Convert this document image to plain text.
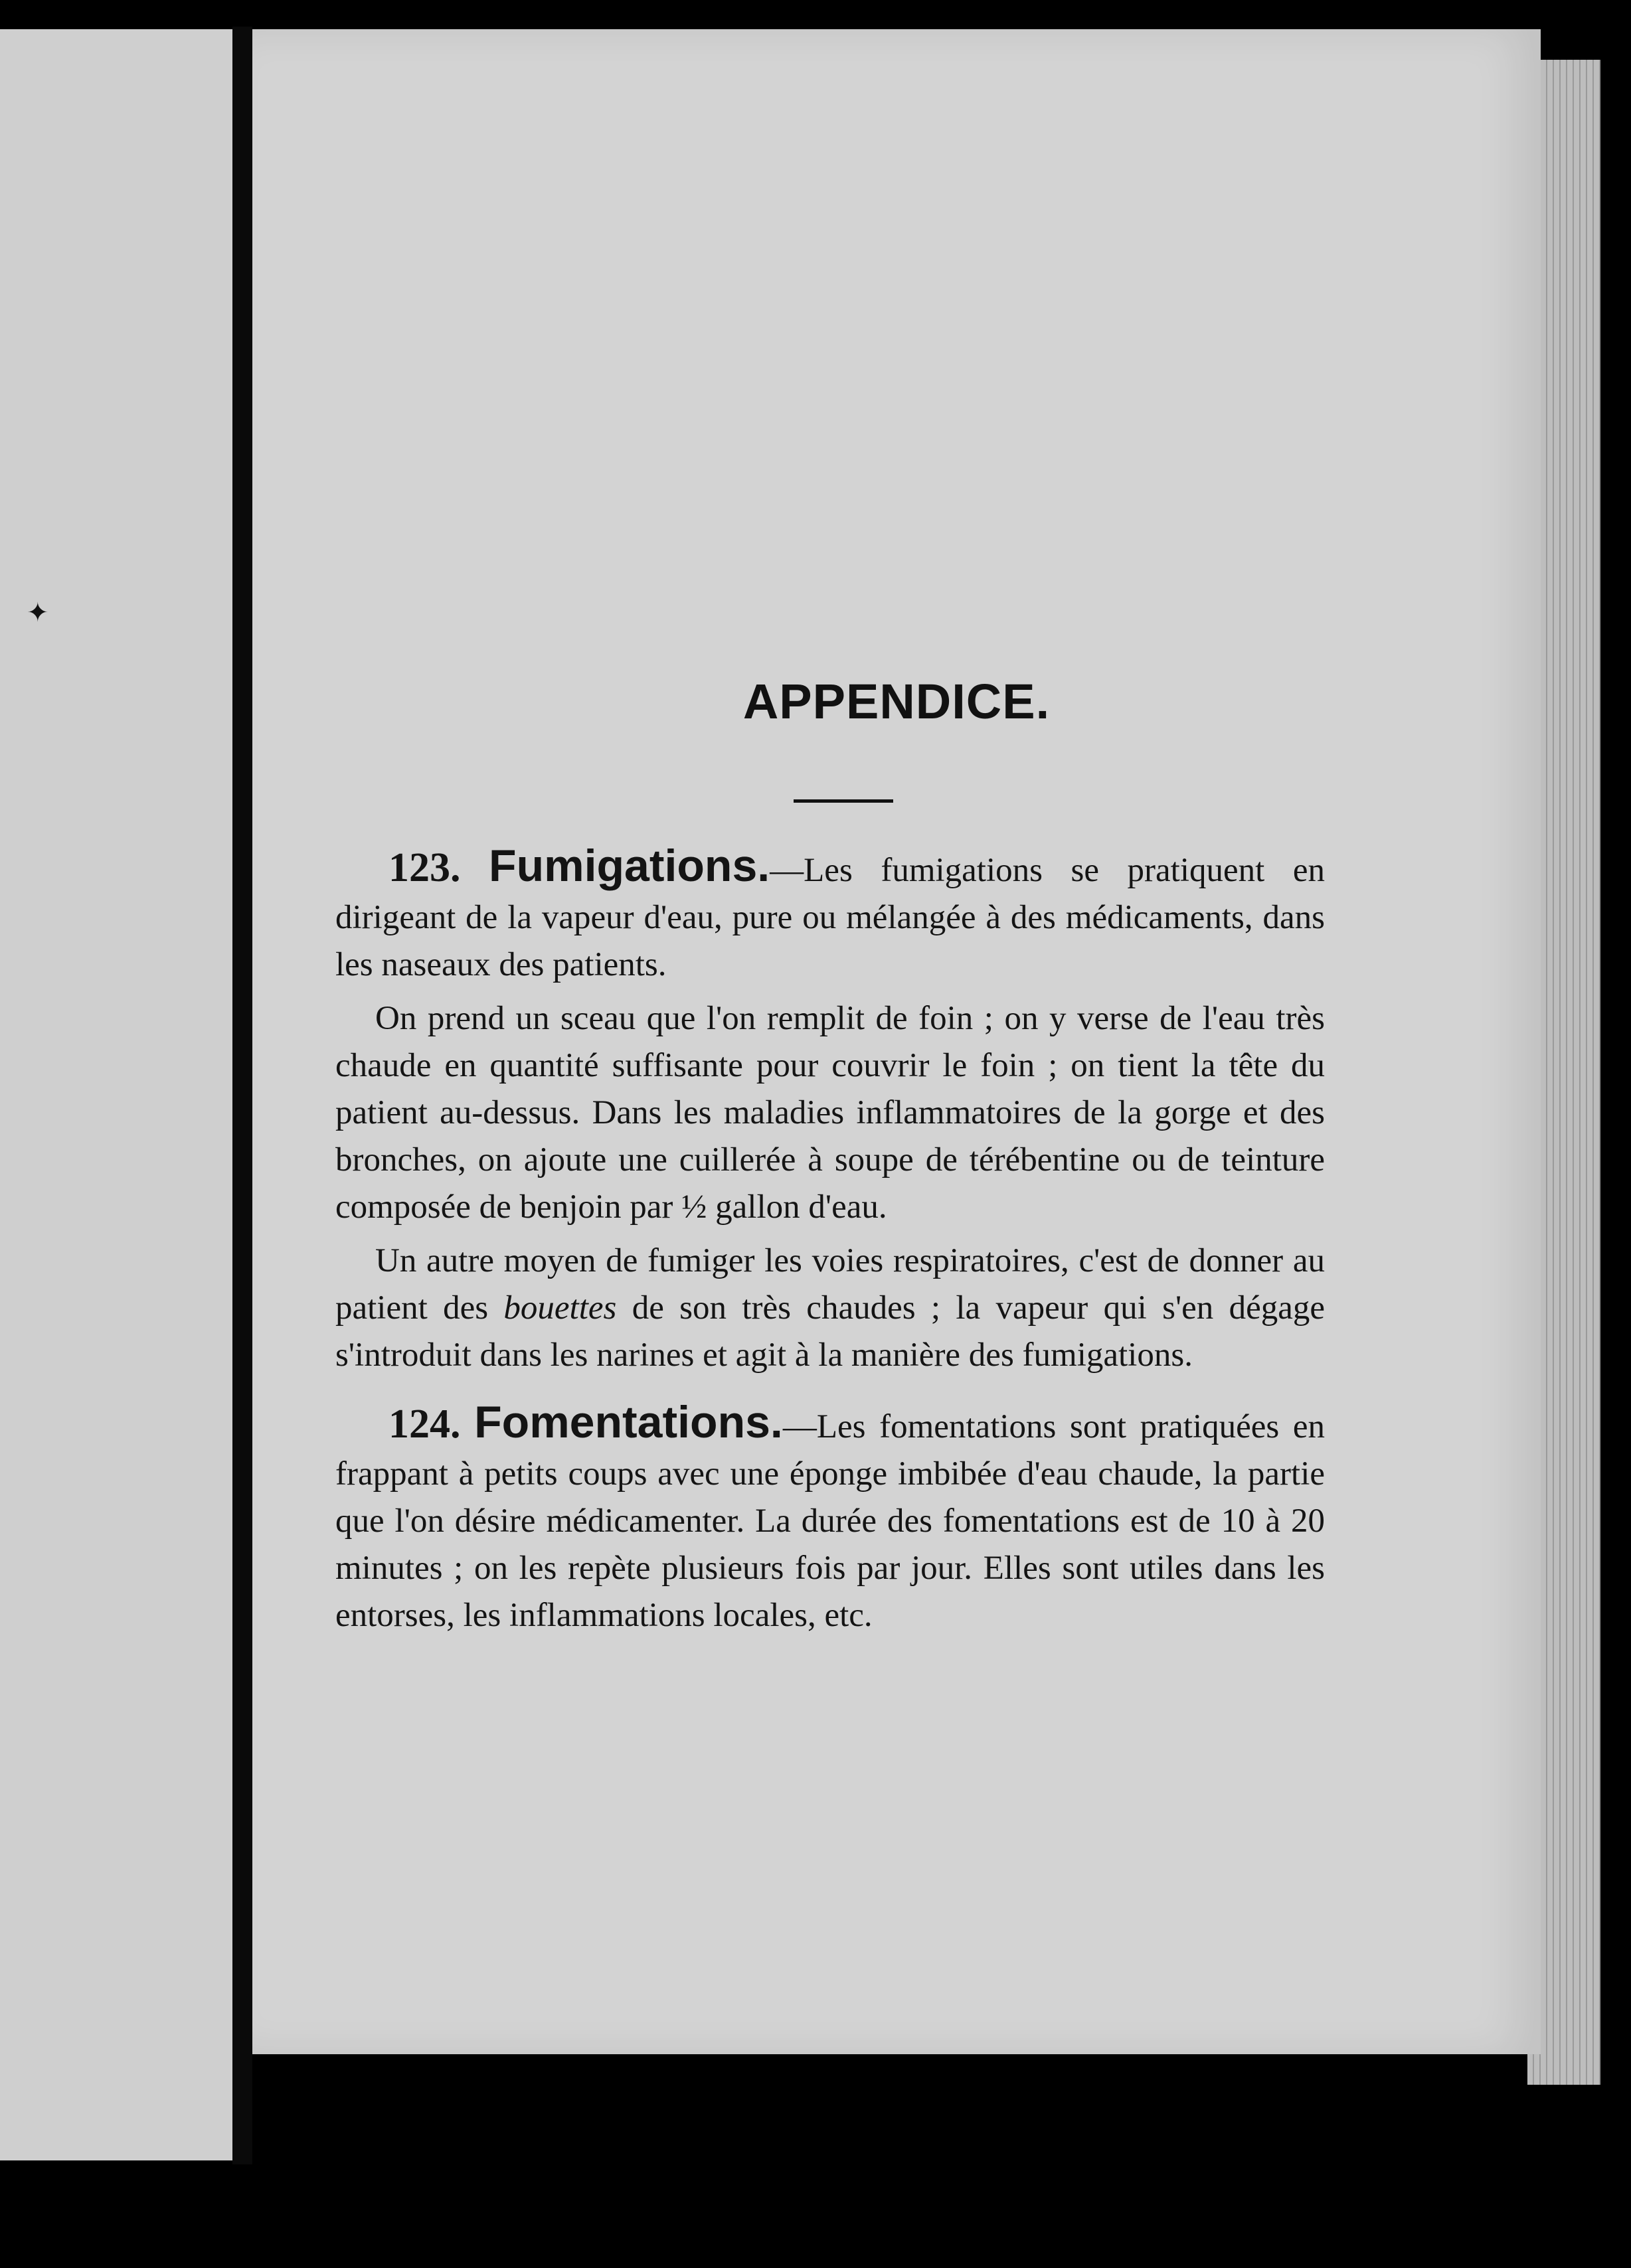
✦
APPENDICE.

123. Fumigations.—Les fumigations se pratiquent en dirigeant de la vapeur d'eau, pure ou mélangée à des médicaments, dans les naseaux des patients.

On prend un sceau que l'on remplit de foin ; on y verse de l'eau très chaude en quantité suffisante pour couvrir le foin ; on tient la tête du patient au-dessus. Dans les maladies inflammatoires de la gorge et des bronches, on ajoute une cuillerée à soupe de térébentine ou de teinture composée de benjoin par ½ gallon d'eau.

Un autre moyen de fumiger les voies respiratoires, c'est de donner au patient des bouettes de son très chaudes ; la vapeur qui s'en dégage s'introduit dans les narines et agit à la manière des fumigations.

124. Fomentations.—Les fomentations sont pratiquées en frappant à petits coups avec une éponge imbibée d'eau chaude, la partie que l'on désire médicamenter. La durée des fomentations est de 10 à 20 minutes ; on les repète plusieurs fois par jour. Elles sont utiles dans les entorses, les inflammations locales, etc.
